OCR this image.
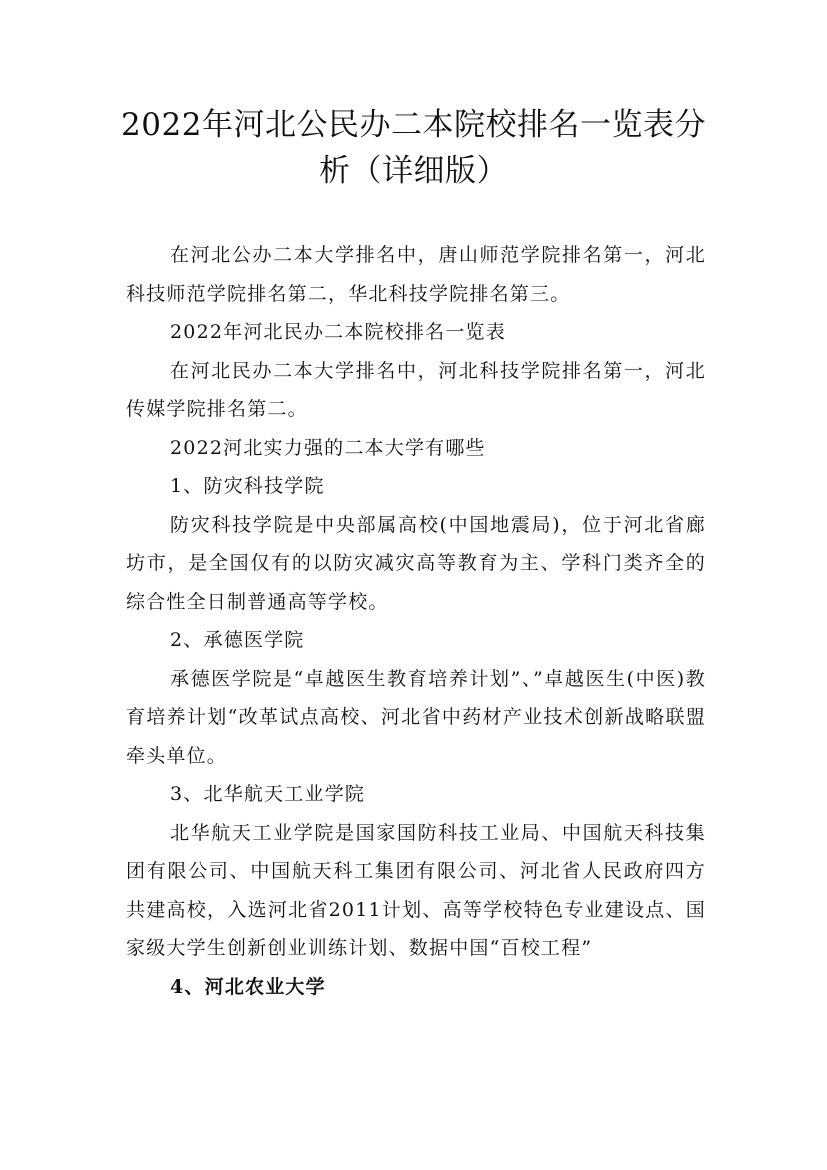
2022年河北公民办二本院校排名一览表分析（详细版）

在河北公办二本大学排名中，唐山师范学院排名第一，河北科技师范学院排名第二，华北科技学院排名第三。

2022年河北民办二本院校排名一览表

在河北民办二本大学排名中，河北科技学院排名第一，河北传媒学院排名第二。

2022河北实力强的二本大学有哪些

1、防灾科技学院

防灾科技学院是中央部属高校(中国地震局)，位于河北省廊坊市，是全国仅有的以防灾减灾高等教育为主、学科门类齐全的综合性全日制普通高等学校。

2、承德医学院

承德医学院是“卓越医生教育培养计划”、”卓越医生(中医)教育培养计划“改革试点高校、河北省中药材产业技术创新战略联盟牵头单位。

3、北华航天工业学院

北华航天工业学院是国家国防科技工业局、中国航天科技集团有限公司、中国航天科工集团有限公司、河北省人民政府四方共建高校，入选河北省2011计划、高等学校特色专业建设点、国家级大学生创新创业训练计划、数据中国“百校工程”

4、河北农业大学
